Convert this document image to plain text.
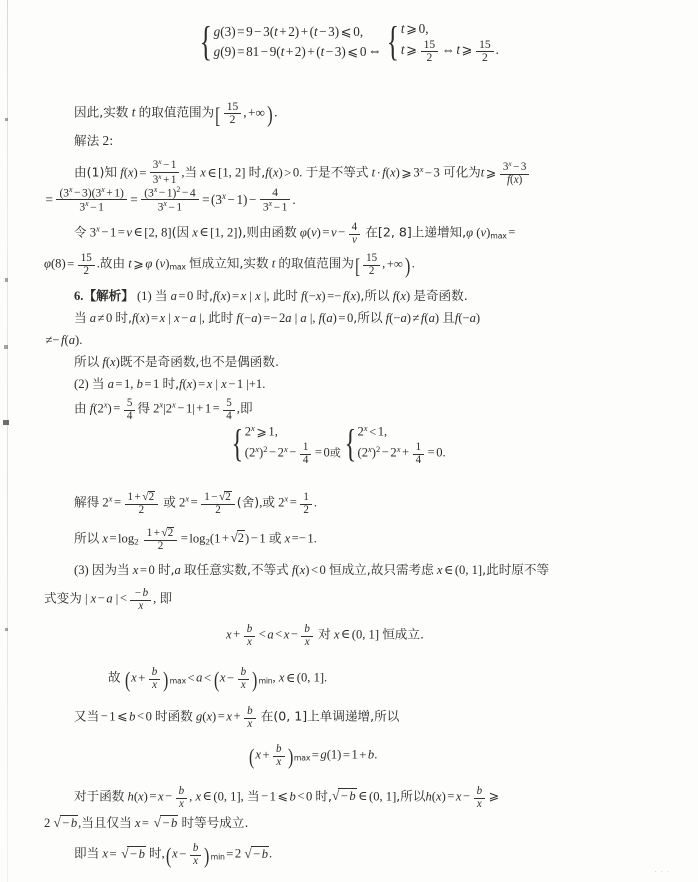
· · ·
{ g(3) = 9 − 3(t + 2) + (t − 3) ⩽ 0,
g(9) = 81 − 9(t + 2) + (t − 3) ⩽ 0 ⇔ { t ⩾ 0,
t ⩾ $\frac{15}{2}$ ⇔ t ⩾ $\frac{15}{2}$ .
因此,实数 t 的取值范围为[ $\frac{15}{2}$ , +∞ ).
解法 2:
由(1)知 $f(x) = \frac{3^x - 1}{3^x + 1}$ ,当 x ∈ [1, 2] 时,f(x) > 0. 于是不等式 t · f(x) ⩾ $3^x - 3$ 可化为t ⩾ $\frac{3^x - 3}{f(x)}$
= $\frac{(3^x - 3)(3^x + 1)}{3^x - 1} = \frac{(3^x - 1)^2 - 4}{3^x - 1} = (3^x - 1) - \frac{4}{3^x - 1}$ .
令 $3^x - 1 = v$ ∈ [2, 8](因 x ∈ [1, 2]),则由函数 $\varphi(v) = v - \frac{4}{v}$ 在[2, 8]上递增知,φ $(v)_{max}$ =
$\varphi(8) = \frac{15}{2}$ .故由 t ⩾ φ $(v)_{max}$ 恒成立知,实数 t 的取值范围为[ $\frac{15}{2}$ , +∞ ).
6.【解析】 (1) 当 a = 0 时,f(x) = x | x |, 此时 f(−x) =− f(x),所以 f(x) 是奇函数.
当 a ≠ 0 时,f(x) = x | x − a |, 此时 f(−a) =− 2a | a |, f(a) = 0,所以 f(−a) ≠ f(a) 且f(−a)
≠− f(a).
所以 f(x)既不是奇函数,也不是偶函数.
(2) 当 a = 1, b = 1 时,f(x) = x | x − 1 |+1.
由 $f(2^x) = \frac{5}{4}$ 得 $2^x|2^x - 1| + 1 = \frac{5}{4}$ ,即
{ 2$^x$ ⩾ 1,
$(2^x)^2 - 2^x - \frac{1}{4} = 0$ 或 { $2^x < 1$,
$(2^x)^2 - 2^x + \frac{1}{4} = 0$.
解得 $2^x = \frac{1 + √2}{2}$ 或 $2^x = \frac{1 - √2}{2}$ (舍),或 $2^x = \frac{1}{2}$ .
所以 $x = \log_2 \frac{1 + √2}{2} = \log_2(1 + √2) - 1$ 或 x =− 1.
(3) 因为当 x = 0 时,a 取任意实数,不等式 f(x) < 0 恒成立,故只需考虑 x ∈ (0, 1],此时原不等
式变为 | x − a | < $\frac{- b}{x}$ , 即
$x + \frac{b}{x} < a < x - \frac{b}{x}$ 对 x ∈ (0, 1] 恒成立.
故 $(x + \frac{b}{x} )_{max} < a < (x - \frac{b}{x} )_{min}$, x ∈ (0, 1].
又当 − 1 ⩽ b < 0 时函数 $g(x) = x + \frac{b}{x}$ 在(0, 1]上单调递增,所以
$(x + \frac{b}{x} )_{max} = g(1) = 1 + b$.
对于函数 $h(x) = x - \frac{b}{x}$ , x ∈ (0, 1], 当 − 1 ⩽ b < 0 时,√ − b ∈ (0, 1],所以$h(x) = x - \frac{b}{x}$ ⩾
2 √ − b,当且仅当 x = √ − b 时等号成立.
即当 x = √ − b 时$,(x - \frac{b}{x} )_{min} = 2$ √ − b.
